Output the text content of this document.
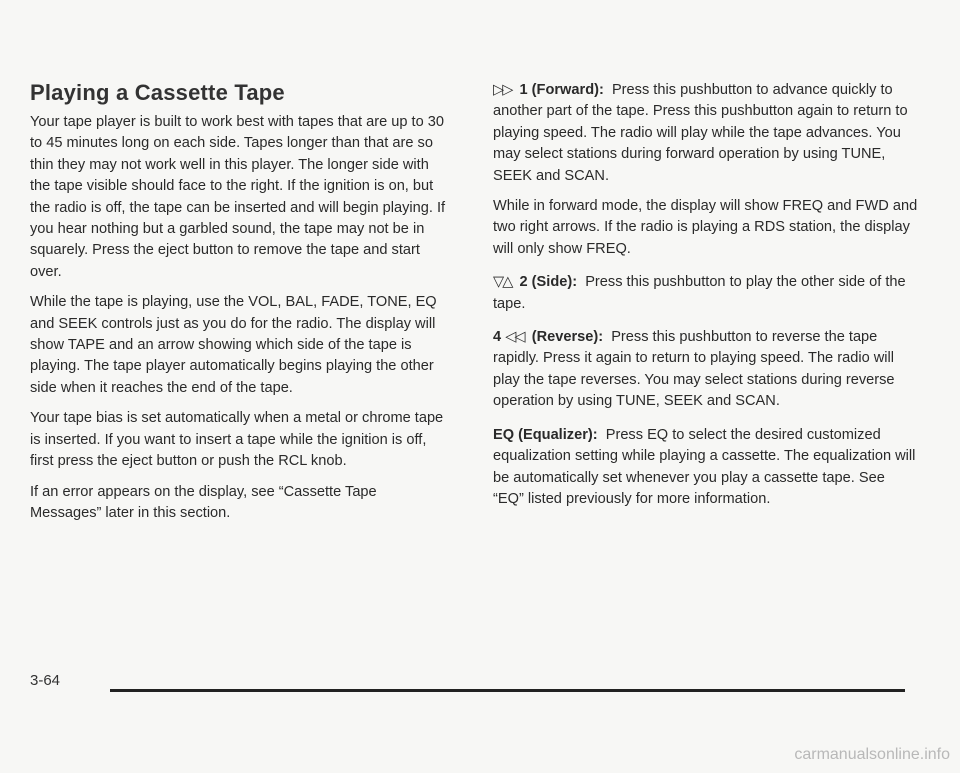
Playing a Cassette Tape

Your tape player is built to work best with tapes that are up to 30 to 45 minutes long on each side. Tapes longer than that are so thin they may not work well in this player. The longer side with the tape visible should face to the right. If the ignition is on, but the radio is off, the tape can be inserted and will begin playing. If you hear nothing but a garbled sound, the tape may not be in squarely. Press the eject button to remove the tape and start over.

While the tape is playing, use the VOL, BAL, FADE, TONE, EQ and SEEK controls just as you do for the radio. The display will show TAPE and an arrow showing which side of the tape is playing. The tape player automatically begins playing the other side when it reaches the end of the tape.

Your tape bias is set automatically when a metal or chrome tape is inserted. If you want to insert a tape while the ignition is off, first press the eject button or push the RCL knob.

If an error appears on the display, see “Cassette Tape Messages” later in this section.

▷▷ 1 (Forward): Press this pushbutton to advance quickly to another part of the tape. Press this pushbutton again to return to playing speed. The radio will play while the tape advances. You may select stations during forward operation by using TUNE, SEEK and SCAN.

While in forward mode, the display will show FREQ and FWD and two right arrows. If the radio is playing a RDS station, the display will only show FREQ.

▽△ 2 (Side): Press this pushbutton to play the other side of the tape.

4 ◁◁ (Reverse): Press this pushbutton to reverse the tape rapidly. Press it again to return to playing speed. The radio will play the tape reverses. You may select stations during reverse operation by using TUNE, SEEK and SCAN.

EQ (Equalizer): Press EQ to select the desired customized equalization setting while playing a cassette. The equalization will be automatically set whenever you play a cassette tape. See “EQ” listed previously for more information.

3-64
carmanualsonline.info
